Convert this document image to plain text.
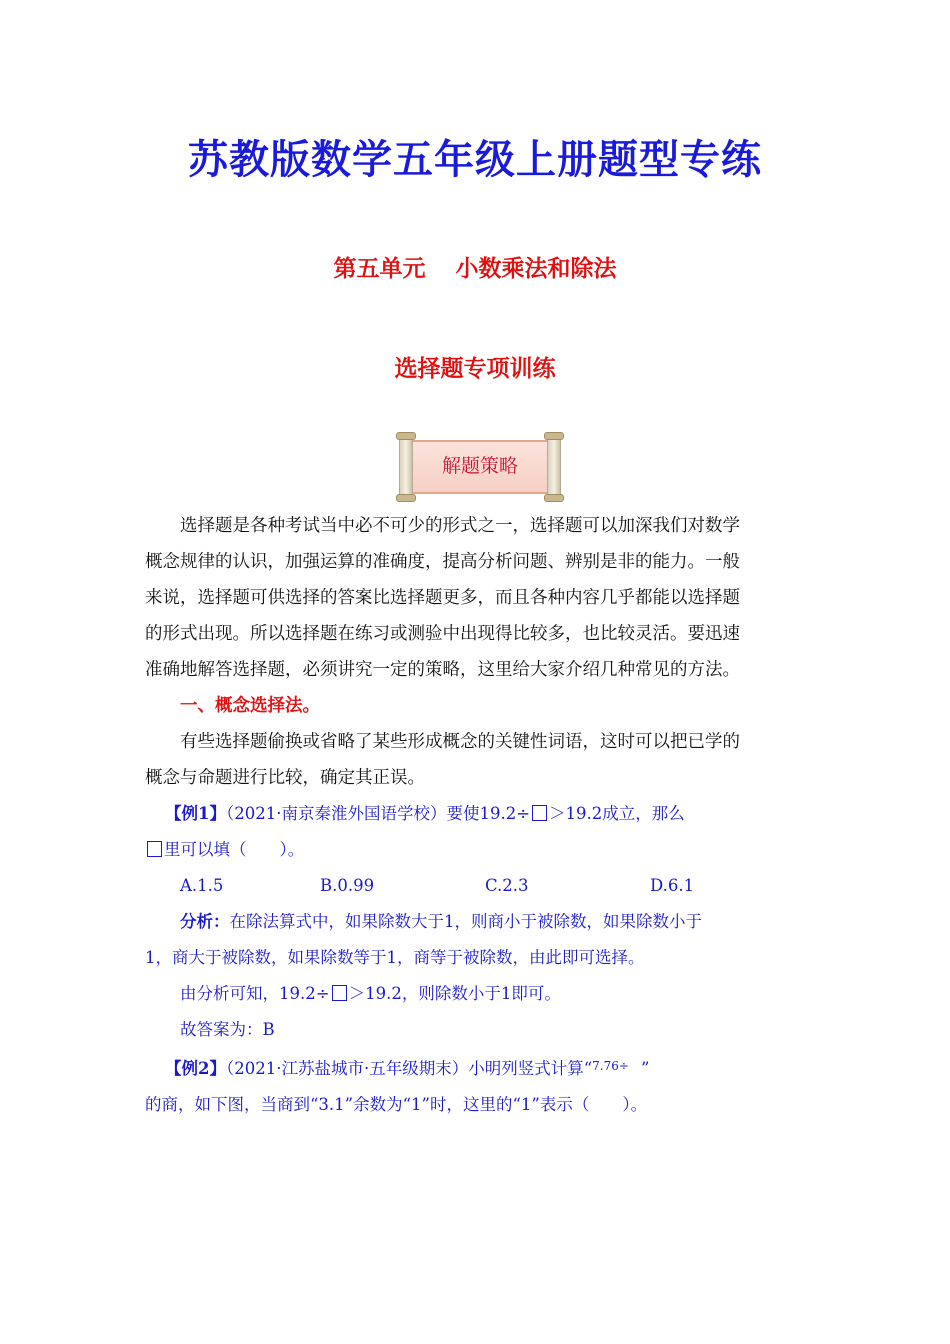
苏教版数学五年级上册题型专练
第五单元 小数乘法和除法
选择题专项训练
解题策略
选择题是各种考试当中必不可少的形式之一，选择题可以加深我们对数学
概念规律的认识，加强运算的准确度，提高分析问题、辨别是非的能力。一般
来说，选择题可供选择的答案比选择题更多，而且各种内容几乎都能以选择题
的形式出现。所以选择题在练习或测验中出现得比较多，也比较灵活。要迅速
准确地解答选择题，必须讲究一定的策略，这里给大家介绍几种常见的方法。
一、概念选择法。
有些选择题偷换或省略了某些形成概念的关键性词语，这时可以把已学的
概念与命题进行比较，确定其正误。
【例1】（2021·南京秦淮外国语学校）要使19.2÷ ＞19.2成立，那么
里可以填（　　）。
A.1.5	B.0.99	C.2.3	D.6.1
分析：在除法算式中，如果除数大于1，则商小于被除数，如果除数小于
1，商大于被除数，如果除数等于1，商等于被除数，由此即可选择。
由分析可知，19.2÷ ＞19.2，则除数小于1即可。
故答案为：B
【例2】（2021·江苏盐城市·五年级期末）小明列竖式计算“$^{7.76\div}$　”
的商，如下图，当商到“3.1”余数为“1”时，这里的“1”表示（　　）。
